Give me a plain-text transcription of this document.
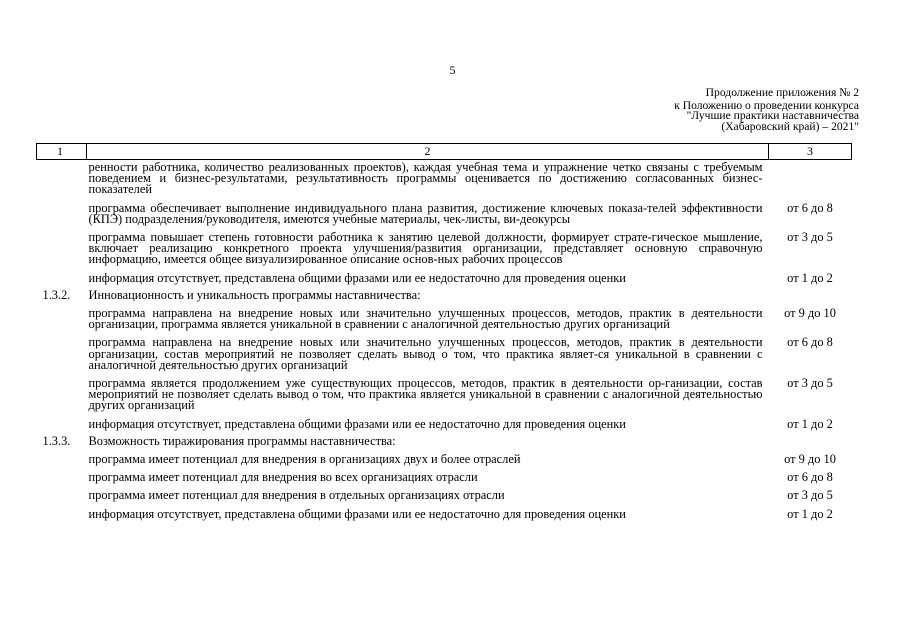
5
Продолжение приложения № 2
к Положению о проведении конкурса
"Лучшие практики наставничества
(Хабаровский край) – 2021"
1	2	3
	ренности работника, количество реализованных проектов), каждая учебная тема и упражнение четко связаны с требуемым поведением и бизнес-результатами, результативность программы оценивается по достижению согласованных бизнес-показателей	
	программа обеспечивает выполнение индивидуального плана развития, достижение ключевых показа-телей эффективности (КПЭ) подразделения/руководителя, имеются учебные материалы, чек-листы, ви-деокурсы	от 6 до 8
	программа повышает степень готовности работника к занятию целевой должности, формирует страте-гическое мышление, включает реализацию конкретного проекта улучшения/развития организации, представляет основную справочную информацию, имеется общее визуализированное описание основ-ных рабочих процессов	от 3 до 5
	информация отсутствует, представлена общими фразами или ее недостаточно для проведения оценки	от 1 до 2
1.3.2.	Инновационность и уникальность программы наставничества:	
	программа направлена на внедрение новых или значительно улучшенных процессов, методов, практик в деятельности организации, программа является уникальной в сравнении с аналогичной деятельностью других организаций	от 9 до 10
	программа направлена на внедрение новых или значительно улучшенных процессов, методов, практик в деятельности организации, состав мероприятий не позволяет сделать вывод о том, что практика являет-ся уникальной в сравнении с аналогичной деятельностью других организаций	от 6 до 8
	программа является продолжением уже существующих процессов, методов, практик в деятельности ор-ганизации, состав мероприятий не позволяет сделать вывод о том, что практика является уникальной в сравнении с аналогичной деятельностью других организаций	от 3 до 5
	информация отсутствует, представлена общими фразами или ее недостаточно для проведения оценки	от 1 до 2
1.3.3.	Возможность тиражирования программы наставничества:	
	программа имеет потенциал для внедрения в организациях двух и более отраслей	от 9 до 10
	программа имеет потенциал для внедрения во всех организациях отрасли	от 6 до 8
	программа имеет потенциал для внедрения в отдельных организациях отрасли	от 3 до 5
	информация отсутствует, представлена общими фразами или ее недостаточно для проведения оценки	от 1 до 2
